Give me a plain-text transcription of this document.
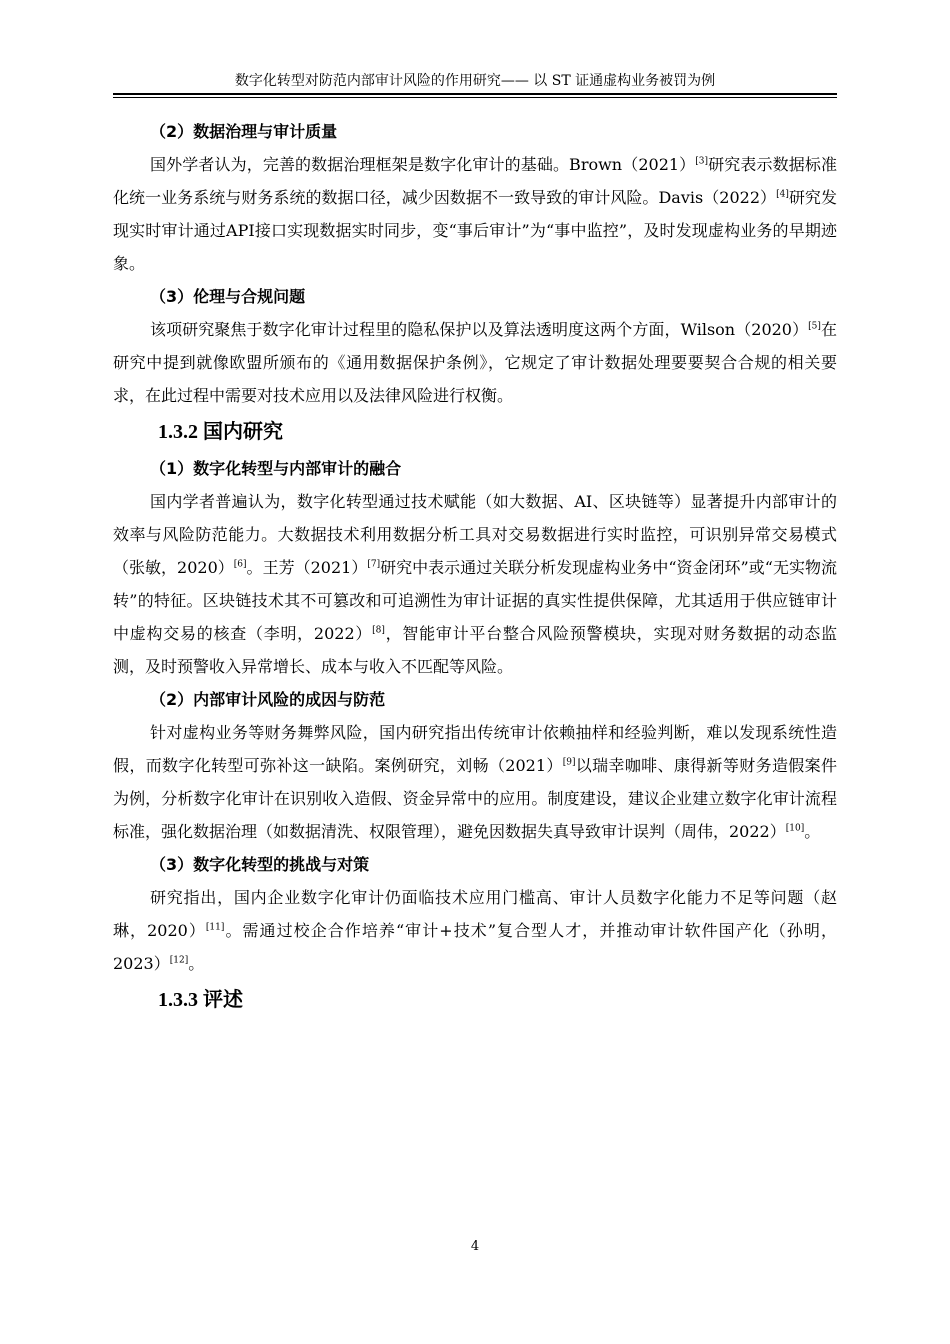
数字化转型对防范内部审计风险的作用研究—— 以 ST 证通虚构业务被罚为例
（2）数据治理与审计质量

国外学者认为，完善的数据治理框架是数字化审计的基础。Brown（2021）[3]研究表示数据标准化统一业务系统与财务系统的数据口径，减少因数据不一致导致的审计风险。Davis（2022）[4]研究发现实时审计通过API接口实现数据实时同步，变“事后审计”为“事中监控”，及时发现虚构业务的早期迹象。

（3）伦理与合规问题

该项研究聚焦于数字化审计过程里的隐私保护以及算法透明度这两个方面，Wilson（2020）[5]在研究中提到就像欧盟所颁布的《通用数据保护条例》，它规定了审计数据处理要要契合合规的相关要求，在此过程中需要对技术应用以及法律风险进行权衡。

1.3.2 国内研究
（1）数字化转型与内部审计的融合

国内学者普遍认为，数字化转型通过技术赋能（如大数据、AI、区块链等）显著提升内部审计的效率与风险防范能力。大数据技术利用数据分析工具对交易数据进行实时监控，可识别异常交易模式（张敏，2020）[6]。王芳（2021）[7]研究中表示通过关联分析发现虚构业务中“资金闭环”或“无实物流转”的特征。区块链技术其不可篡改和可追溯性为审计证据的真实性提供保障，尤其适用于供应链审计中虚构交易的核查（李明，2022）[8]，智能审计平台整合风险预警模块，实现对财务数据的动态监测，及时预警收入异常增长、成本与收入不匹配等风险。

（2）内部审计风险的成因与防范

针对虚构业务等财务舞弊风险，国内研究指出传统审计依赖抽样和经验判断，难以发现系统性造假，而数字化转型可弥补这一缺陷。案例研究，刘畅（2021）[9]以瑞幸咖啡、康得新等财务造假案件为例，分析数字化审计在识别收入造假、资金异常中的应用。制度建设，建议企业建立数字化审计流程标准，强化数据治理（如数据清洗、权限管理），避免因数据失真导致审计误判（周伟，2022）[10]。

（3）数字化转型的挑战与对策

研究指出，国内企业数字化审计仍面临技术应用门槛高、审计人员数字化能力不足等问题（赵琳，2020）[11]。需通过校企合作培养“审计+技术”复合型人才，并推动审计软件国产化（孙明，2023）[12]。

1.3.3 评述
4
